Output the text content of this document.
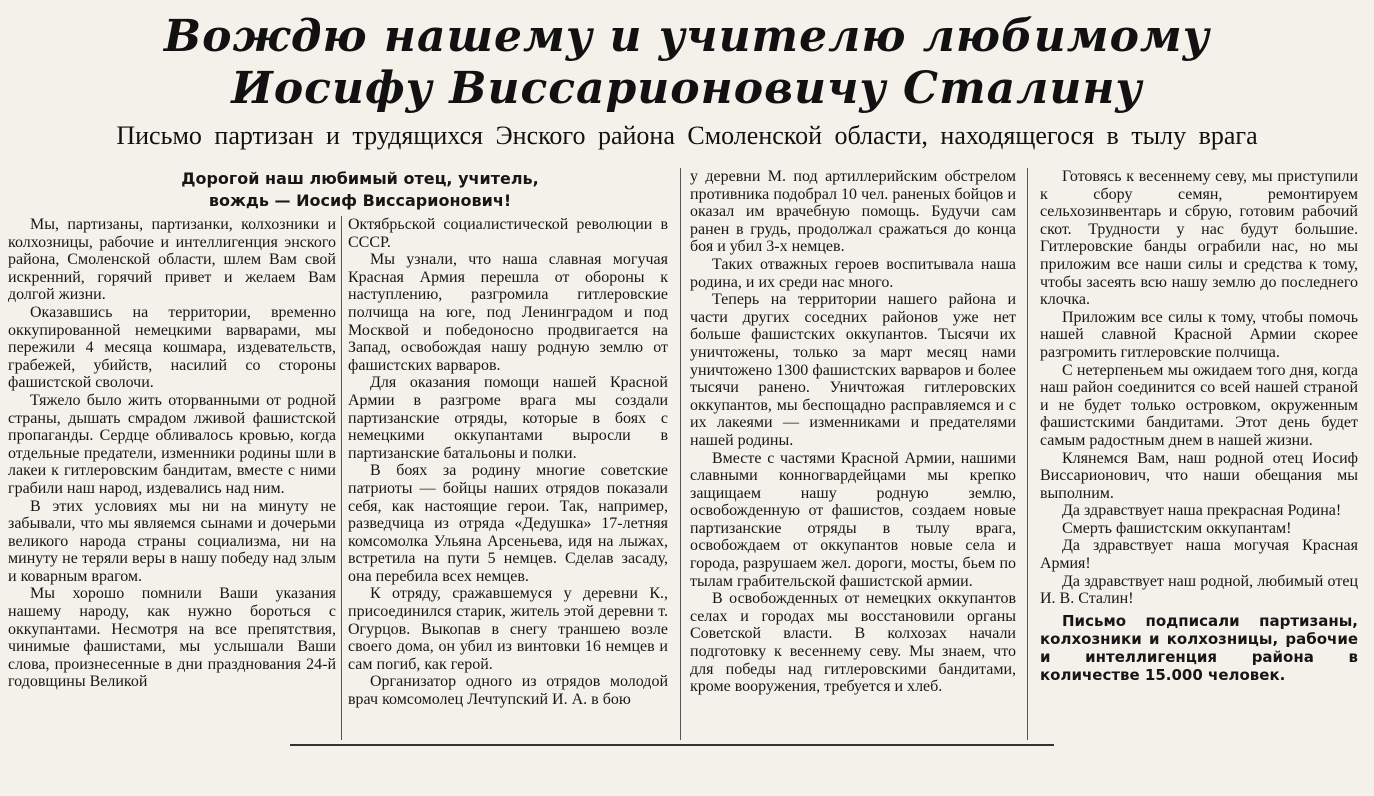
Вождю нашему и учителю любимому
Иосифу Виссарионовичу Сталину
Письмо партизан и трудящихся Энского района Смоленской области, находящегося в тылу врага
Дорогой наш любимый отец, учитель,
вождь — Иосиф Виссарионович!

Мы, партизаны, партизанки, колхозники и колхозницы, рабочие и интеллигенция энского района, Смоленской области, шлем Вам свой искренний, горячий привет и желаем Вам долгой жизни.

Оказавшись на территории, временно оккупированной немецкими варварами, мы пережили 4 месяца кошмара, издевательств, грабежей, убийств, насилий со стороны фашистской сволочи.

Тяжело было жить оторванными от родной страны, дышать смрадом лживой фашистской пропаганды. Сердце обливалось кровью, когда отдельные предатели, изменники родины шли в лакеи к гитлеровским бандитам, вместе с ними грабили наш народ, издевались над ним.

В этих условиях мы ни на минуту не забывали, что мы являемся сынами и дочерьми великого народа страны социализма, ни на минуту не теряли веры в нашу победу над злым и коварным врагом.

Мы хорошо помнили Ваши указания нашему народу, как нужно бороться с оккупантами. Несмотря на все препятствия, чинимые фашистами, мы услышали Ваши слова, произнесенные в дни празднования 24-й годовщины Великой

Октябрьской социалистической революции в СССР.

Мы узнали, что наша славная могучая Красная Армия перешла от обороны к наступлению, разгромила гитлеровские полчища на юге, под Ленинградом и под Москвой и победоносно продвигается на Запад, освобождая нашу родную землю от фашистских варваров.

Для оказания помощи нашей Красной Армии в разгроме врага мы создали партизанские отряды, которые в боях с немецкими оккупантами выросли в партизанские батальоны и полки.

В боях за родину многие советские патриоты — бойцы наших отрядов показали себя, как настоящие герои. Так, например, разведчица из отряда «Дедушка» 17-летняя комсомолка Ульяна Арсеньева, идя на лыжах, встретила на пути 5 немцев. Сделав засаду, она перебила всех немцев.

К отряду, сражавшемуся у деревни К., присоединился старик, житель этой деревни т. Огурцов. Выкопав в снегу траншею возле своего дома, он убил из винтовки 16 немцев и сам погиб, как герой.

Организатор одного из отрядов молодой врач комсомолец Лечтупский И. А. в бою

у деревни М. под артиллерийским обстрелом противника подобрал 10 чел. раненых бойцов и оказал им врачебную помощь. Будучи сам ранен в грудь, продолжал сражаться до конца боя и убил 3-х немцев.

Таких отважных героев воспитывала наша родина, и их среди нас много.

Теперь на территории нашего района и части других соседних районов уже нет больше фашистских оккупантов. Тысячи их уничтожены, только за март месяц нами уничтожено 1300 фашистских варваров и более тысячи ранено. Уничтожая гитлеровских оккупантов, мы беспощадно расправляемся и с их лакеями — изменниками и предателями нашей родины.

Вместе с частями Красной Армии, нашими славными конногвардейцами мы крепко защищаем нашу родную землю, освобожденную от фашистов, создаем новые партизанские отряды в тылу врага, освобождаем от оккупантов новые села и города, разрушаем жел. дороги, мосты, бьем по тылам грабительской фашистской армии.

В освобожденных от немецких оккупантов селах и городах мы восстановили органы Советской власти. В колхозах начали подготовку к весеннему севу. Мы знаем, что для победы над гитлеровскими бандитами, кроме вооружения, требуется и хлеб.

Готовясь к весеннему севу, мы приступили к сбору семян, ремонтируем сельхозинвентарь и сбрую, готовим рабочий скот. Трудности у нас будут большие. Гитлеровские банды ограбили нас, но мы приложим все наши силы и средства к тому, чтобы засеять всю нашу землю до последнего клочка.

Приложим все силы к тому, чтобы помочь нашей славной Красной Армии скорее разгромить гитлеровские полчища.

С нетерпеньем мы ожидаем того дня, когда наш район соединится со всей нашей страной и не будет только островком, окруженным фашистскими бандитами. Этот день будет самым радостным днем в нашей жизни.

Клянемся Вам, наш родной отец Иосиф Виссарионович, что наши обещания мы выполним.

Да здравствует наша прекрасная Родина!

Смерть фашистским оккупантам!

Да здравствует наша могучая Красная Армия!

Да здравствует наш родной, любимый отец И. В. Сталин!

Письмо подписали партизаны, колхозники и колхозницы, рабочие и интеллигенция района в количестве 15.000 человек.
